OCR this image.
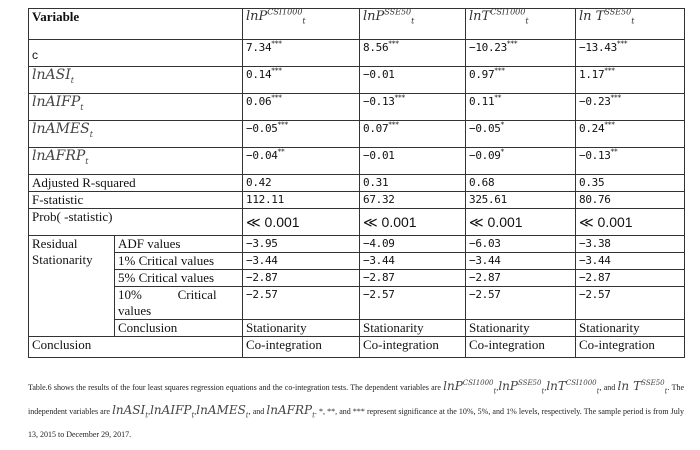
Variable		lnP$^{CSI1000}_t$	lnP$^{SSE50}_t$	lnT$^{CSI1000}_t$	$\ln T^{SSE50}_t$
c		7.34***	8.56***	−10.23***	−13.43***
lnASI$_t$		0.14***	−0.01	0.97***	1.17***
lnAIFP$_t$		0.06***	−0.13***	0.11**	−0.23***
lnAMES$_t$		−0.05***	0.07***	−0.05*	0.24***
lnAFRP$_t$		−0.04**	−0.01	−0.09*	−0.13**
Adjusted R-squared		0.42	0.31	0.68	0.35
F-statistic		112.11	67.32	325.61	80.76
Prob( -statistic)		≪ 0.001	≪ 0.001	≪ 0.001	≪ 0.001
Residual Stationarity	ADF values	−3.95	−4.09	−6.03	−3.38
	1% Critical values	−3.44	−3.44	−3.44	−3.44
	5% Critical values	−2.87	−2.87	−2.87	−2.87
	10%           Critical values	−2.57	−2.57	−2.57	−2.57
	Conclusion	Stationarity	Stationarity	Stationarity	Stationarity
Conclusion		Co-integration	Co-integration	Co-integration	Co-integration
Table.6 shows the results of the four least squares regression equations and the co-integration tests. The dependent variables are lnP$^{CSI1000}_t$,lnP$^{SSE50}_t$,lnT$^{CSI1000}_t$, and $\ln T^{SSE50}_t$. The independent variables are lnASI$_t$,lnAIFP$_t$,lnAMES$_t$, and lnAFRP$_t$. *, **, and *** represent significance at the 10%, 5%, and 1% levels, respectively. The sample period is from July 13, 2015 to December 29, 2017.
